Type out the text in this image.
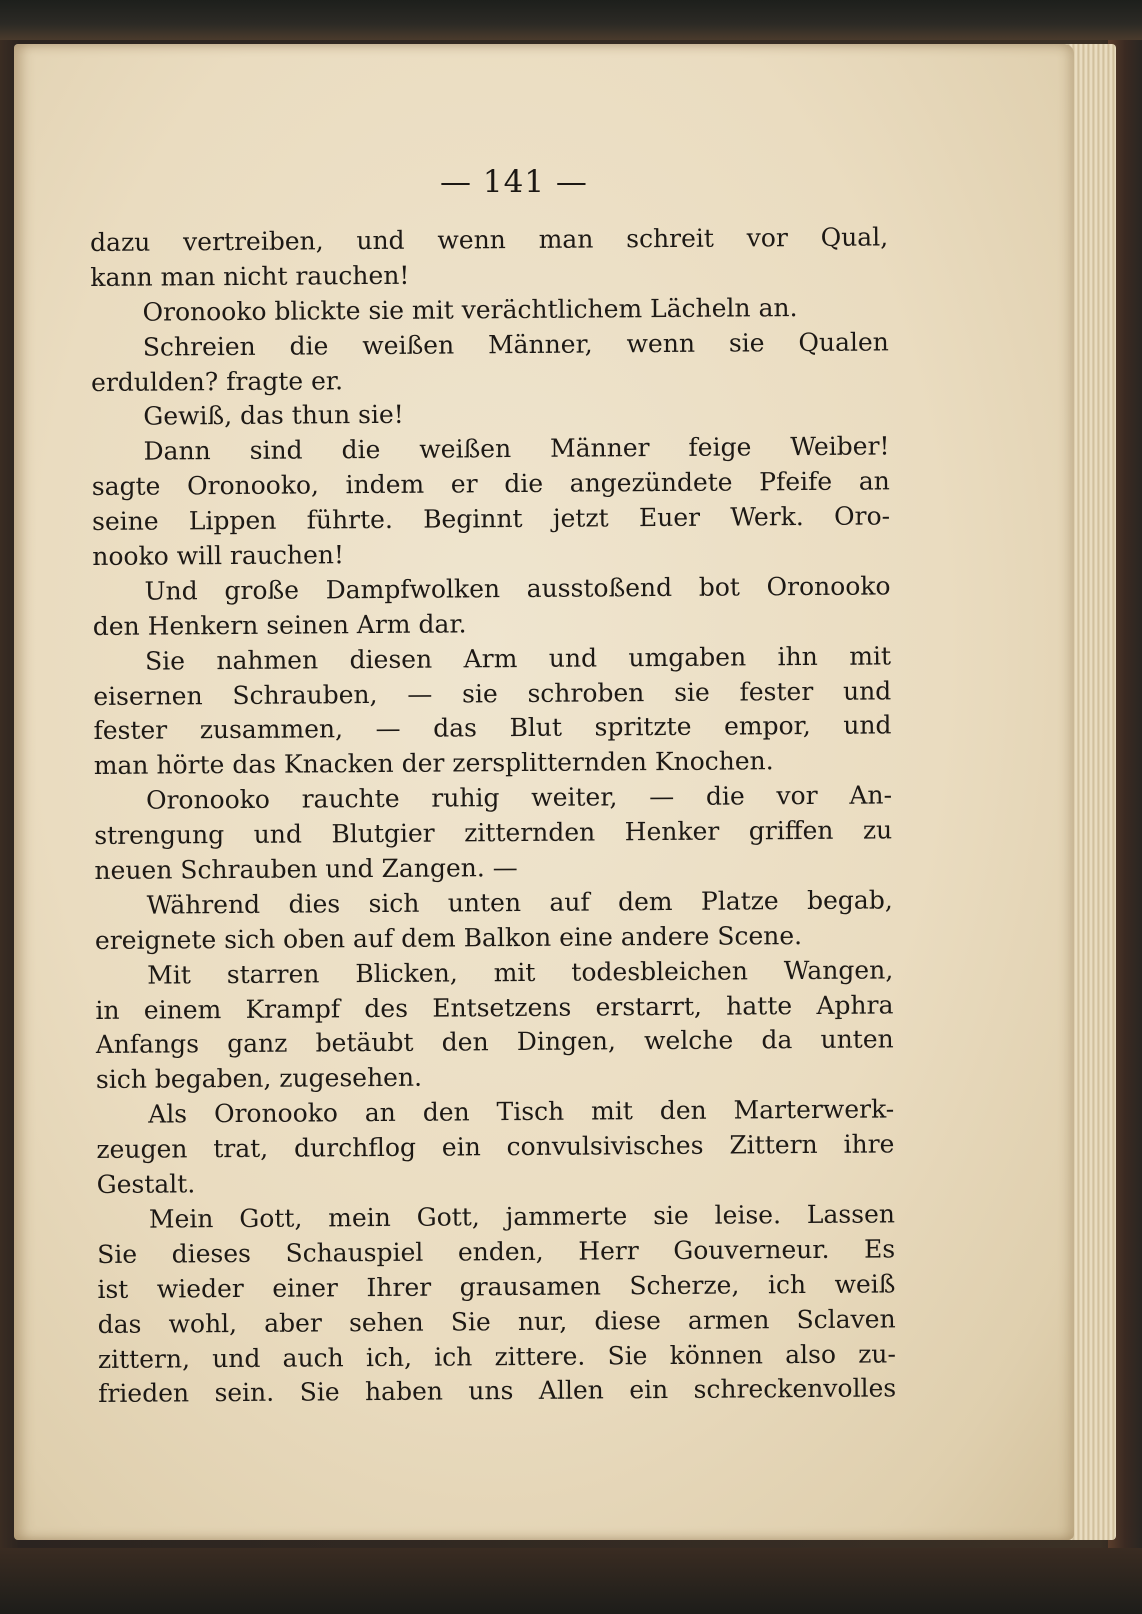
— 141 —
dazu vertreiben, und wenn man schreit vor Qual,
kann man nicht rauchen!
Oronooko blickte sie mit verächtlichem Lächeln an.
Schreien die weißen Männer, wenn sie Qualen
erdulden? fragte er.
Gewiß, das thun sie!
Dann sind die weißen Männer feige Weiber!
sagte Oronooko, indem er die angezündete Pfeife an
seine Lippen führte. Beginnt jetzt Euer Werk. Oro-
nooko will rauchen!
Und große Dampfwolken ausstoßend bot Oronooko
den Henkern seinen Arm dar.
Sie nahmen diesen Arm und umgaben ihn mit
eisernen Schrauben, — sie schroben sie fester und
fester zusammen, — das Blut spritzte empor, und
man hörte das Knacken der zersplitternden Knochen.
Oronooko rauchte ruhig weiter, — die vor An-
strengung und Blutgier zitternden Henker griffen zu
neuen Schrauben und Zangen. —
Während dies sich unten auf dem Platze begab,
ereignete sich oben auf dem Balkon eine andere Scene.
Mit starren Blicken, mit todesbleichen Wangen,
in einem Krampf des Entsetzens erstarrt, hatte Aphra
Anfangs ganz betäubt den Dingen, welche da unten
sich begaben, zugesehen.
Als Oronooko an den Tisch mit den Marterwerk-
zeugen trat, durchflog ein convulsivisches Zittern ihre
Gestalt.
Mein Gott, mein Gott, jammerte sie leise. Lassen
Sie dieses Schauspiel enden, Herr Gouverneur. Es
ist wieder einer Ihrer grausamen Scherze, ich weiß
das wohl, aber sehen Sie nur, diese armen Sclaven
zittern, und auch ich, ich zittere. Sie können also zu-
frieden sein. Sie haben uns Allen ein schreckenvolles
